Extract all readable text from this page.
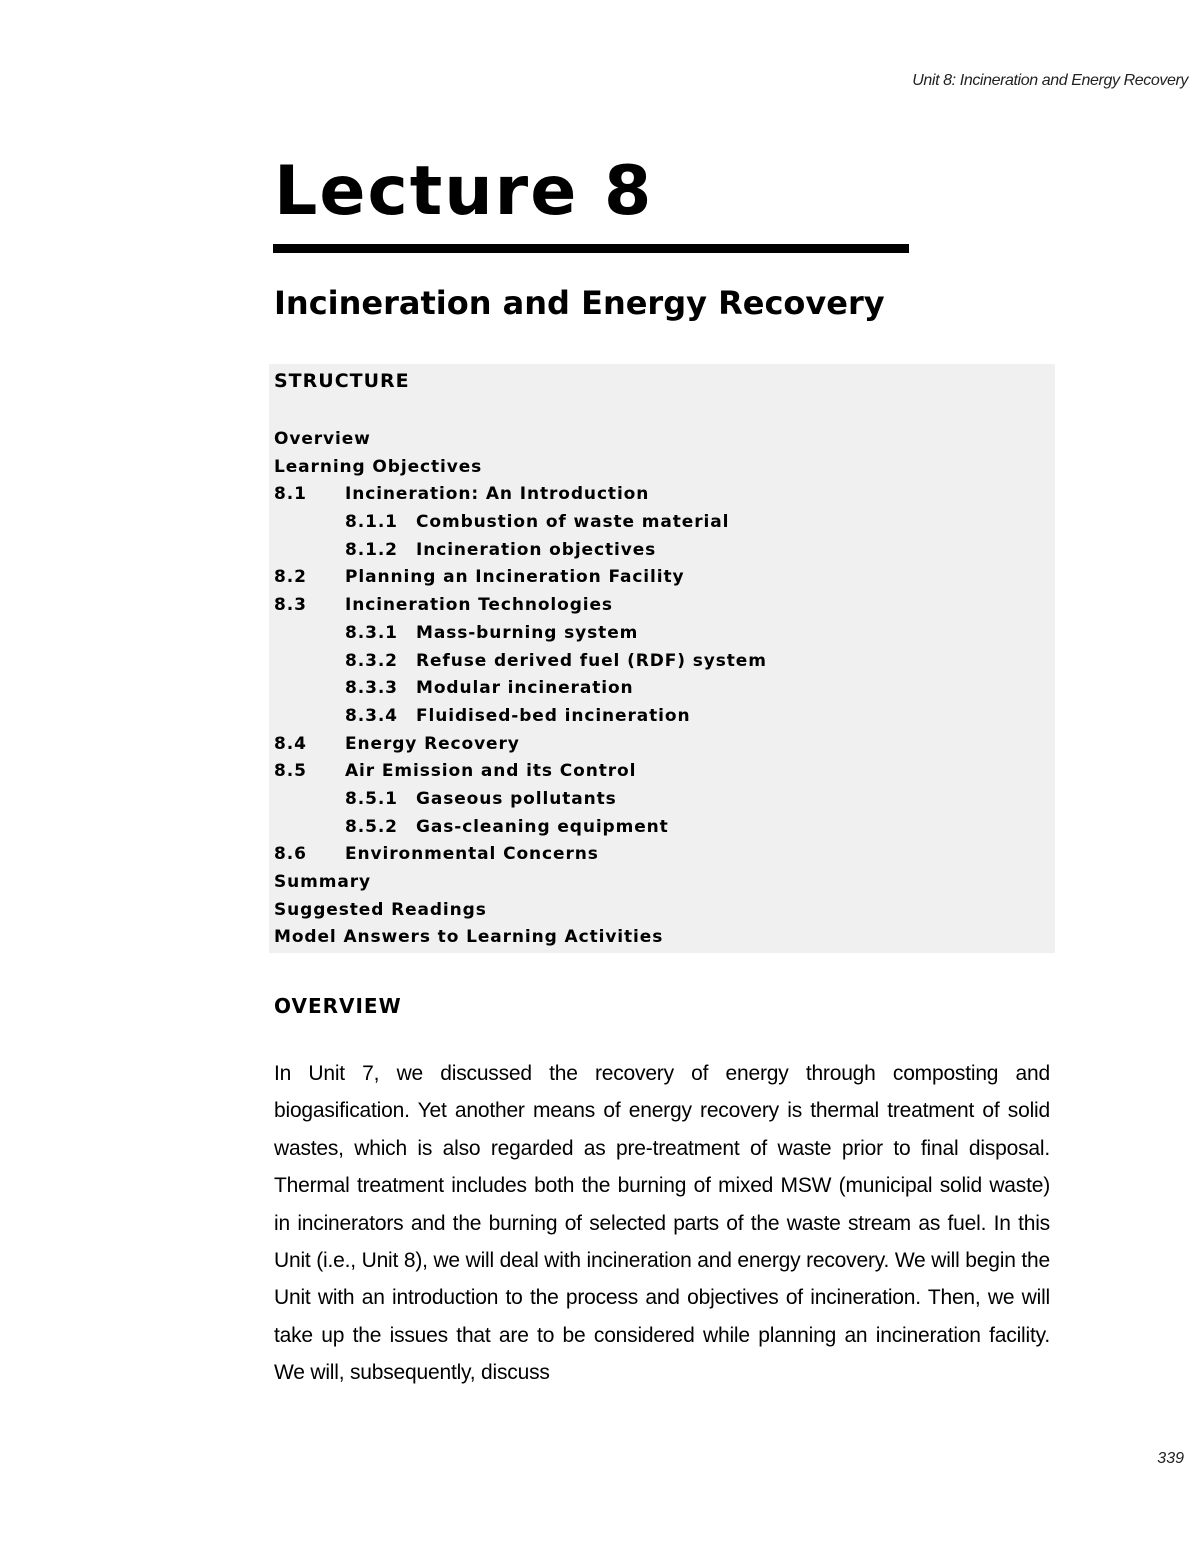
Unit 8: Incineration and Energy Recovery
Lecture 8
Incineration and Energy Recovery
STRUCTURE
Overview
Learning Objectives
8.1 Incineration: An Introduction
8.1.1 Combustion of waste material
8.1.2 Incineration objectives
8.2 Planning an Incineration Facility
8.3 Incineration Technologies
8.3.1 Mass-burning system
8.3.2 Refuse derived fuel (RDF) system
8.3.3 Modular incineration
8.3.4 Fluidised-bed incineration
8.4 Energy Recovery
8.5 Air Emission and its Control
8.5.1 Gaseous pollutants
8.5.2 Gas-cleaning equipment
8.6 Environmental Concerns
Summary
Suggested Readings
Model Answers to Learning Activities
OVERVIEW

In Unit 7, we discussed the recovery of energy through composting and biogasification. Yet another means of energy recovery is thermal treatment of solid wastes, which is also regarded as pre-treatment of waste prior to final disposal. Thermal treatment includes both the burning of mixed MSW (municipal solid waste) in incinerators and the burning of selected parts of the waste stream as fuel. In this Unit (i.e., Unit 8), we will deal with incineration and energy recovery. We will begin the Unit with an introduction to the process and objectives of incineration. Then, we will take up the issues that are to be considered while planning an incineration facility. We will, subsequently, discuss

339
